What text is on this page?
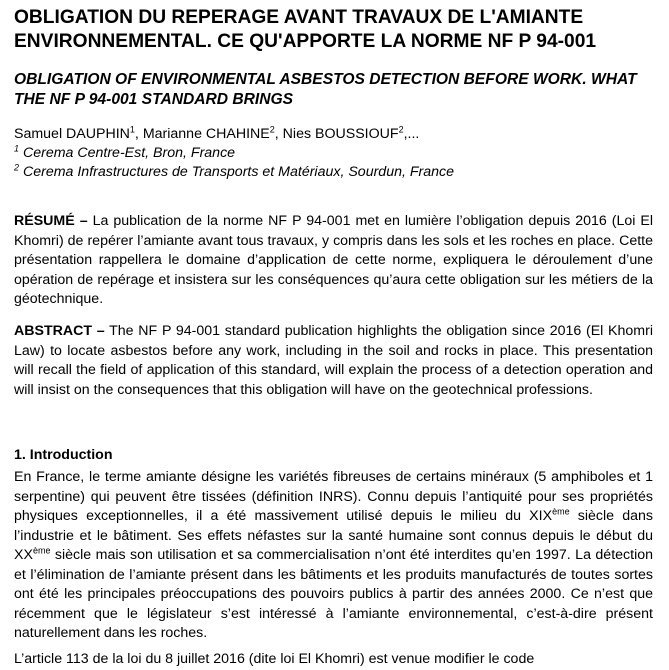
OBLIGATION DU REPERAGE AVANT TRAVAUX DE L'AMIANTE ENVIRONNEMENTAL. CE QU'APPORTE LA NORME NF P 94-001
OBLIGATION OF ENVIRONMENTAL ASBESTOS DETECTION BEFORE WORK. WHAT THE NF P 94-001 STANDARD BRINGS

Samuel DAUPHIN$^1$, Marianne CHAHINE$^2$, Nies BOUSSIOUF$^2$,...

$^1$ Cerema Centre-Est, Bron, France

$^2$ Cerema Infrastructures de Transports et Matériaux, Sourdun, France

RÉSUMÉ – La publication de la norme NF P 94-001 met en lumière l’obligation depuis 2016 (Loi El Khomri) de repérer l’amiante avant tous travaux, y compris dans les sols et les roches en place. Cette présentation rappellera le domaine d’application de cette norme, expliquera le déroulement d’une opération de repérage et insistera sur les conséquences qu’aura cette obligation sur les métiers de la géotechnique.

ABSTRACT – The NF P 94-001 standard publication highlights the obligation since 2016 (El Khomri Law) to locate asbestos before any work, including in the soil and rocks in place. This presentation will recall the field of application of this standard, will explain the process of a detection operation and will insist on the consequences that this obligation will have on the geotechnical professions.

1. Introduction

En France, le terme amiante désigne les variétés fibreuses de certains minéraux (5 amphiboles et 1 serpentine) qui peuvent être tissées (définition INRS). Connu depuis l’antiquité pour ses propriétés physiques exceptionnelles, il a été massivement utilisé depuis le milieu du XIXème siècle dans l’industrie et le bâtiment. Ses effets néfastes sur la santé humaine sont connus depuis le début du XXème siècle mais son utilisation et sa commercialisation n’ont été interdites qu’en 1997. La détection et l’élimination de l’amiante présent dans les bâtiments et les produits manufacturés de toutes sortes ont été les principales préoccupations des pouvoirs publics à partir des années 2000. Ce n’est que récemment que le législateur s’est intéressé à l’amiante environnemental, c’est-à-dire présent naturellement dans les roches.

L’article 113 de la loi du 8 juillet 2016 (dite loi El Khomri) est venue modifier le code
